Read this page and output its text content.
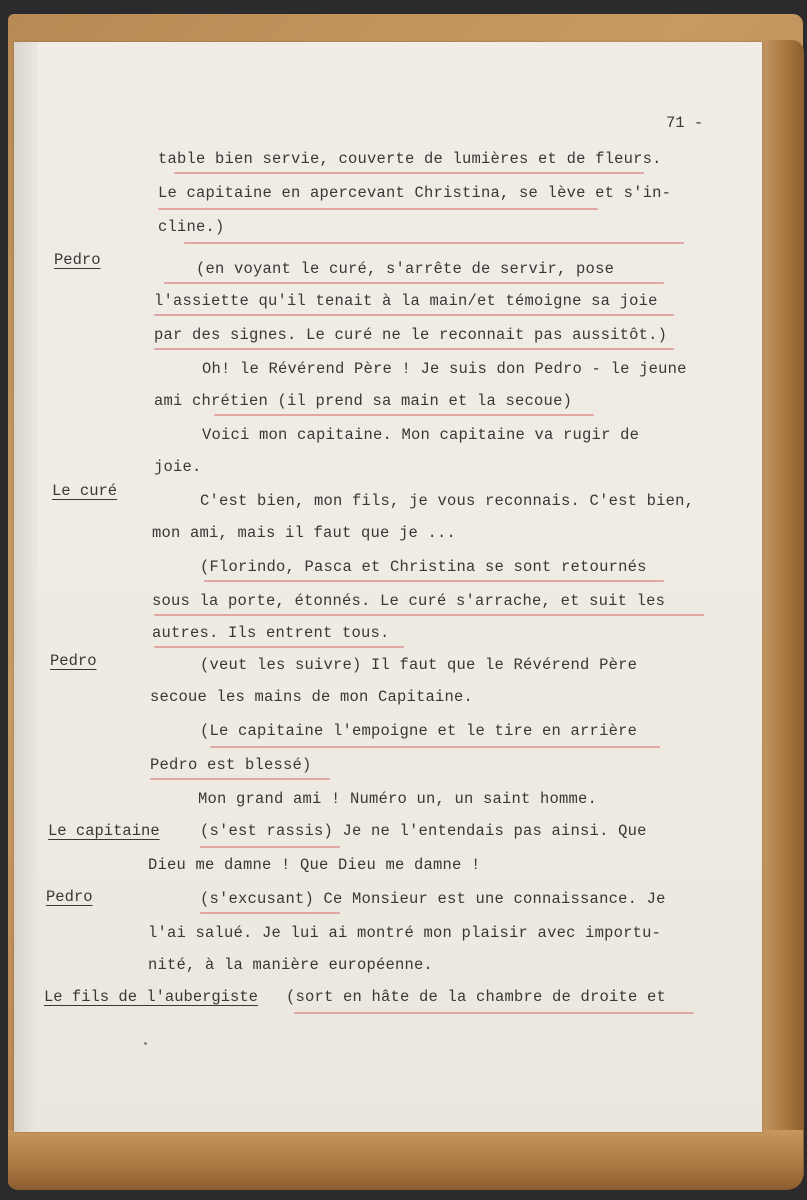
71 -
table bien servie, couverte de lumières et de fleurs.
Le capitaine en apercevant Christina, se lève et s'in-
cline.)
Pedro	(en voyant le curé, s'arrête de servir, pose
l'assiette qu'il tenait à la main/et témoigne sa joie
par des signes. Le curé ne le reconnait pas aussitôt.)
Oh! le Révérend Père ! Je suis don Pedro - le jeune
ami chrétien (il prend sa main et la secoue)
Voici mon capitaine. Mon capitaine va rugir de
joie.
Le curé
C'est bien, mon fils, je vous reconnais. C'est bien,
mon ami, mais il faut que je ...
(Florindo, Pasca et Christina se sont retournés
sous la porte, étonnés. Le curé s'arrache, et suit les
autres. Ils entrent tous.
Pedro	(veut les suivre) Il faut que le Révérend Père
secoue les mains de mon Capitaine.
(Le capitaine l'empoigne et le tire en arrière
Pedro est blessé)
Mon grand ami ! Numéro un, un saint homme.
Le capitaine	(s'est rassis) Je ne l'entendais pas ainsi. Que
Dieu me damne ! Que Dieu me damne !
Pedro	(s'excusant) Ce Monsieur est une connaissance. Je
l'ai salué. Je lui ai montré mon plaisir avec importu-
nité, à la manière européenne.
Le fils de l'aubergiste (sort en hâte de la chambre de droite et
